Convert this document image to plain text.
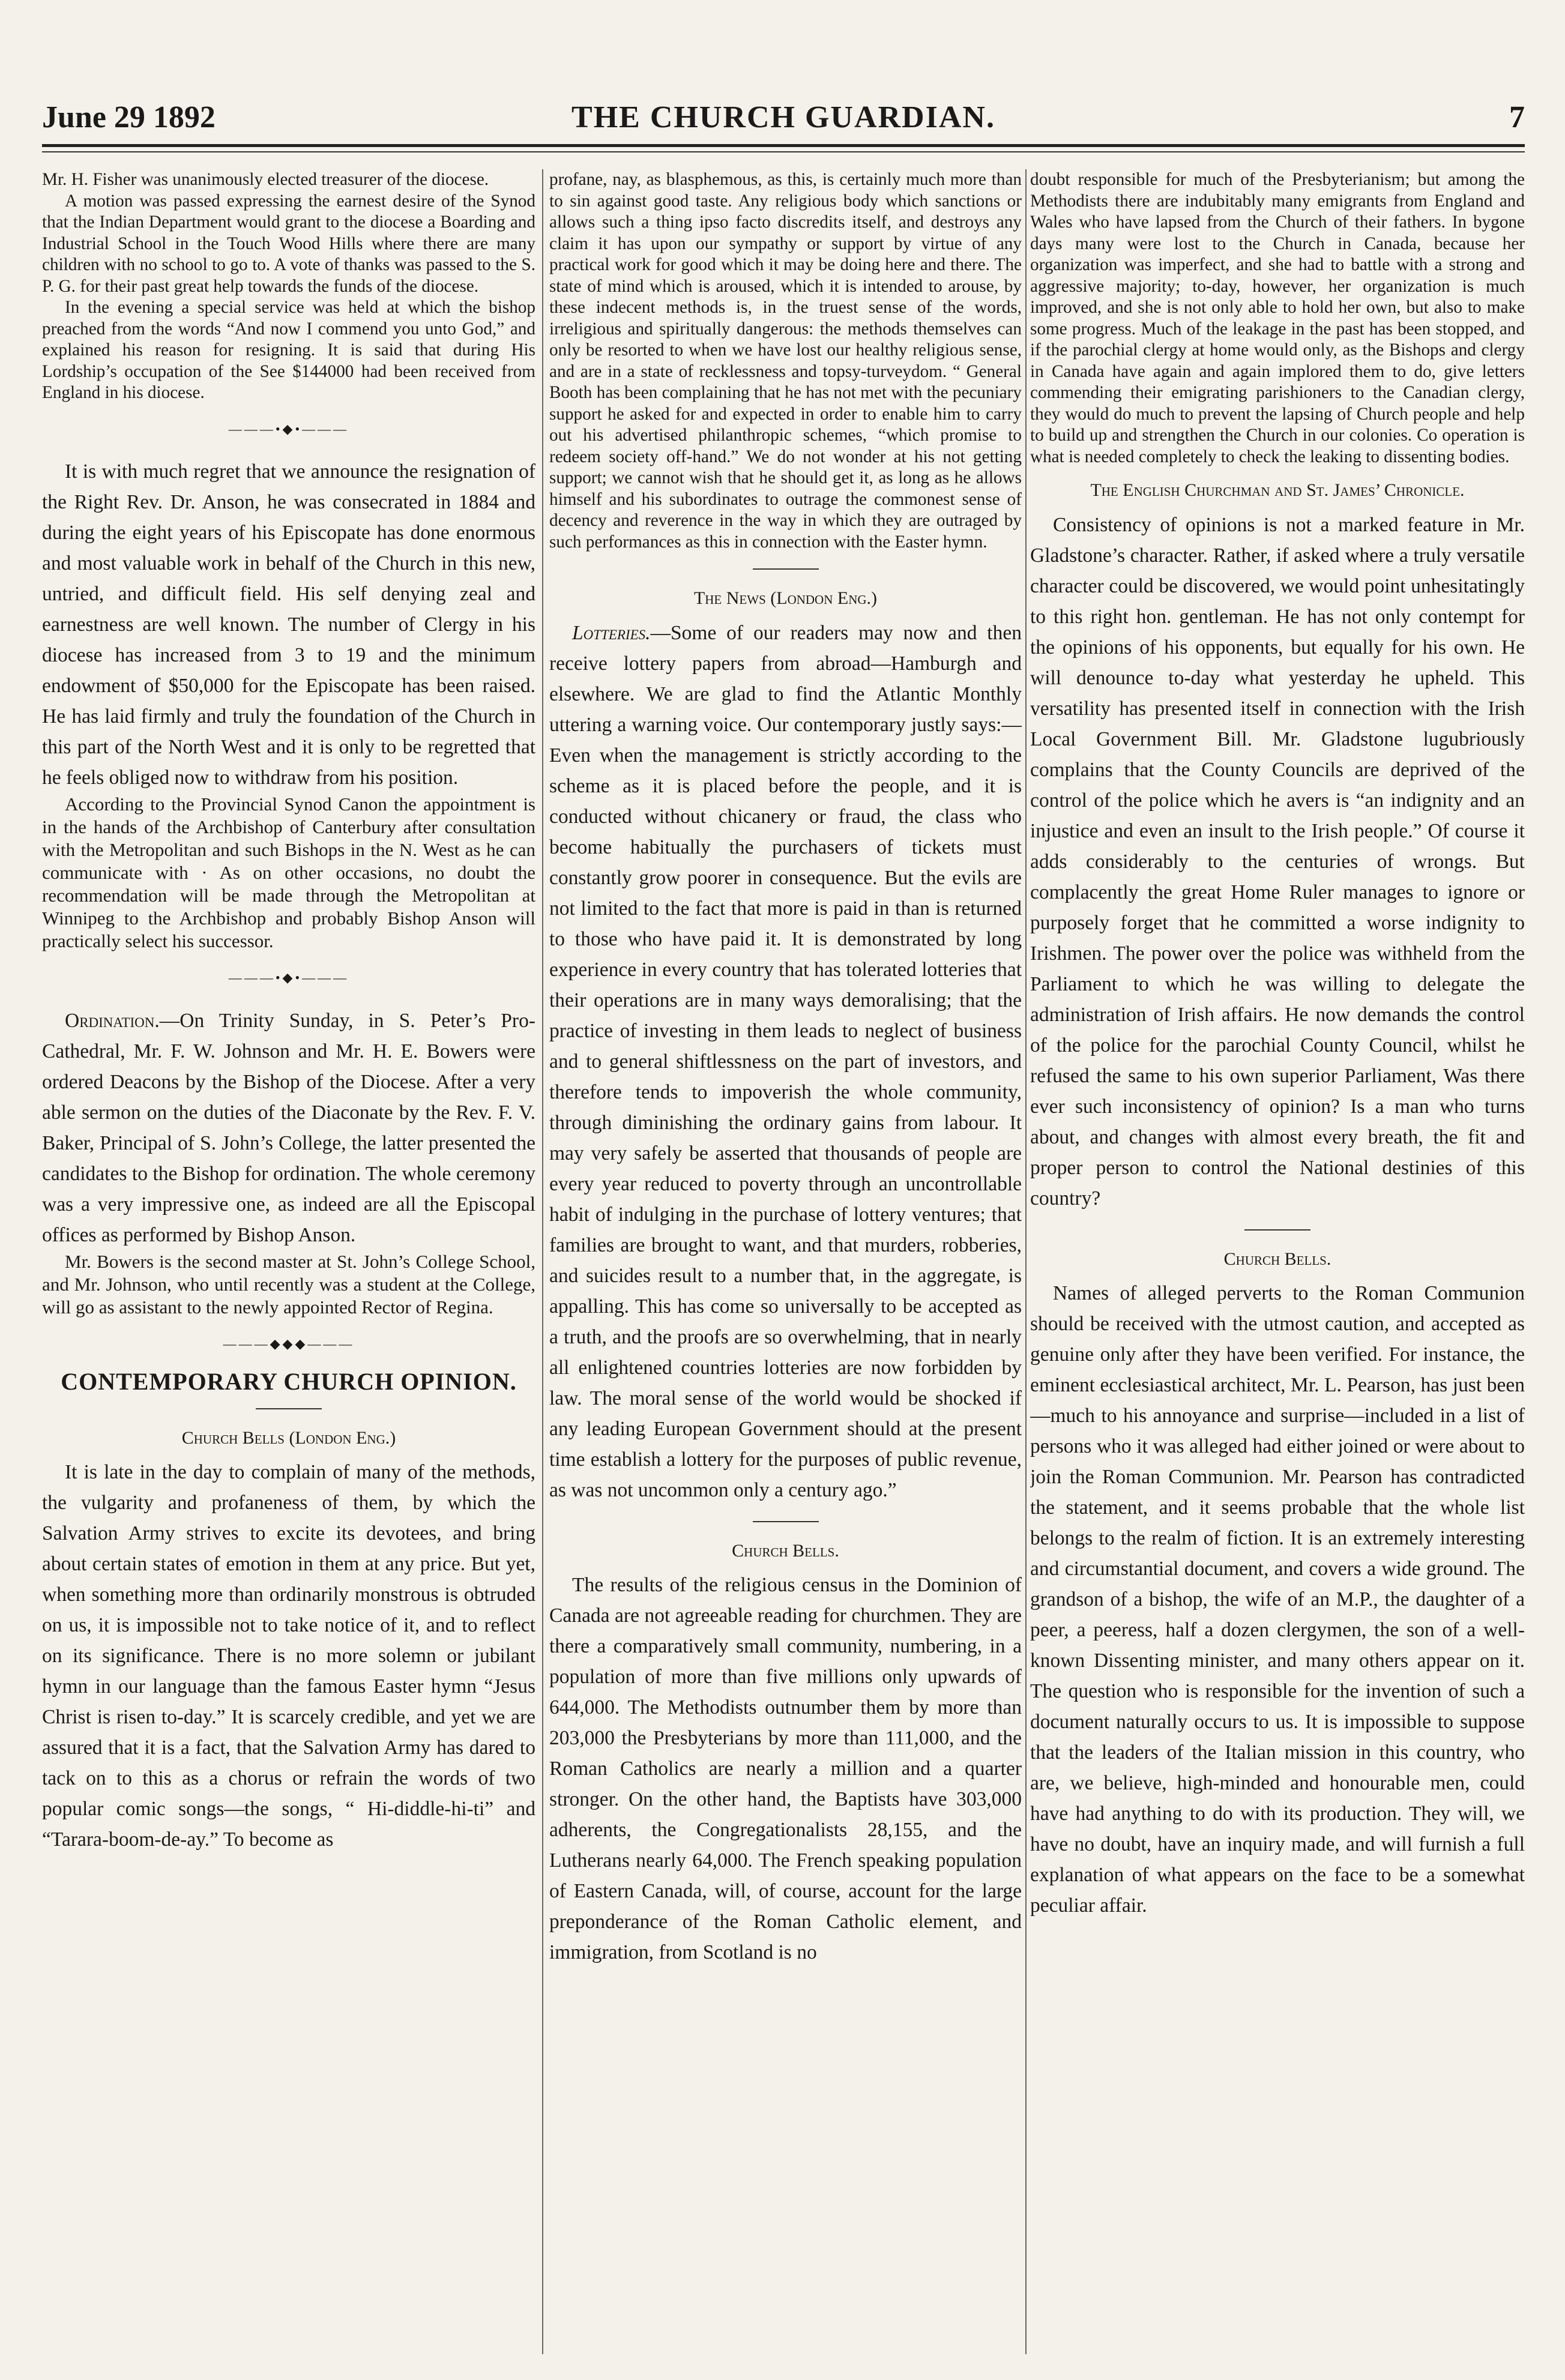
June 29 1892	THE CHURCH GUARDIAN.	7

Mr. H. Fisher was unanimously elected treasurer of the diocese.

A motion was passed expressing the earnest desire of the Synod that the Indian Department would grant to the diocese a Boarding and Industrial School in the Touch Wood Hills where there are many children with no school to go to. A vote of thanks was passed to the S. P. G. for their past great help towards the funds of the diocese.

In the evening a special service was held at which the bishop preached from the words “And now I commend you unto God,” and explained his reason for resigning. It is said that during His Lordship’s occupation of the See $144000 had been received from England in his diocese.

———•◆•———

It is with much regret that we announce the resignation of the Right Rev. Dr. Anson, he was consecrated in 1884 and during the eight years of his Episcopate has done enormous and most valuable work in behalf of the Church in this new, untried, and difficult field. His self denying zeal and earnestness are well known. The number of Clergy in his diocese has increased from 3 to 19 and the minimum endowment of $50,000 for the Episcopate has been raised. He has laid firmly and truly the foundation of the Church in this part of the North West and it is only to be regretted that he feels obliged now to withdraw from his position.

According to the Provincial Synod Canon the appointment is in the hands of the Archbishop of Canterbury after consultation with the Metropolitan and such Bishops in the N. West as he can communicate with · As on other occasions, no doubt the recommendation will be made through the Metropolitan at Winnipeg to the Archbishop and probably Bishop Anson will practically select his successor.

———•◆•———

Ordination.—On Trinity Sunday, in S. Peter’s Pro-Cathedral, Mr. F. W. Johnson and Mr. H. E. Bowers were ordered Deacons by the Bishop of the Diocese. After a very able sermon on the duties of the Diaconate by the Rev. F. V. Baker, Principal of S. John’s College, the latter presented the candidates to the Bishop for ordination. The whole ceremony was a very impressive one, as indeed are all the Episcopal offices as performed by Bishop Anson.

Mr. Bowers is the second master at St. John’s College School, and Mr. Johnson, who until recently was a student at the College, will go as assistant to the newly appointed Rector of Regina.

———◆◆◆———
CONTEMPORARY CHURCH OPINION.
Church Bells (London Eng.)

It is late in the day to complain of many of the methods, the vulgarity and profaneness of them, by which the Salvation Army strives to excite its devotees, and bring about certain states of emotion in them at any price. But yet, when something more than ordinarily monstrous is obtruded on us, it is impossible not to take notice of it, and to reflect on its significance. There is no more solemn or jubilant hymn in our language than the famous Easter hymn “Jesus Christ is risen to-day.” It is scarcely credible, and yet we are assured that it is a fact, that the Salvation Army has dared to tack on to this as a chorus or refrain the words of two popular comic songs—the songs, “ Hi-diddle-hi-ti” and “Tarara-boom-de-ay.” To become as

profane, nay, as blasphemous, as this, is certainly much more than to sin against good taste. Any religious body which sanctions or allows such a thing ipso facto discredits itself, and destroys any claim it has upon our sympathy or support by virtue of any practical work for good which it may be doing here and there. The state of mind which is aroused, which it is intended to arouse, by these indecent methods is, in the truest sense of the words, irreligious and spiritually dangerous: the methods themselves can only be resorted to when we have lost our healthy religious sense, and are in a state of recklessness and topsy-turveydom. “ General Booth has been complaining that he has not met with the pecuniary support he asked for and expected in order to enable him to carry out his advertised philanthropic schemes, “which promise to redeem society off-hand.” We do not wonder at his not getting support; we cannot wish that he should get it, as long as he allows himself and his subordinates to outrage the commonest sense of decency and reverence in the way in which they are outraged by such performances as this in connection with the Easter hymn.

The News (London Eng.)

Lotteries.—Some of our readers may now and then receive lottery papers from abroad—Hamburgh and elsewhere. We are glad to find the Atlantic Monthly uttering a warning voice. Our contemporary justly says:—Even when the management is strictly according to the scheme as it is placed before the people, and it is conducted without chicanery or fraud, the class who become habitually the purchasers of tickets must constantly grow poorer in consequence. But the evils are not limited to the fact that more is paid in than is returned to those who have paid it. It is demonstrated by long experience in every country that has tolerated lotteries that their operations are in many ways demoralising; that the practice of investing in them leads to neglect of business and to general shiftlessness on the part of investors, and therefore tends to impoverish the whole community, through diminishing the ordinary gains from labour. It may very safely be asserted that thousands of people are every year reduced to poverty through an uncontrollable habit of indulging in the purchase of lottery ventures; that families are brought to want, and that murders, robberies, and suicides result to a number that, in the aggregate, is appalling. This has come so universally to be accepted as a truth, and the proofs are so overwhelming, that in nearly all enlightened countries lotteries are now forbidden by law. The moral sense of the world would be shocked if any leading European Government should at the present time establish a lottery for the purposes of public revenue, as was not uncommon only a century ago.”

Church Bells.

The results of the religious census in the Dominion of Canada are not agreeable reading for churchmen. They are there a comparatively small community, numbering, in a population of more than five millions only upwards of 644,000. The Methodists outnumber them by more than 203,000 the Presbyterians by more than 111,000, and the Roman Catholics are nearly a million and a quarter stronger. On the other hand, the Baptists have 303,000 adherents, the Congregationalists 28,155, and the Lutherans nearly 64,000. The French speaking population of Eastern Canada, will, of course, account for the large preponderance of the Roman Catholic element, and immigration, from Scotland is no

doubt responsible for much of the Presbyterianism; but among the Methodists there are indubitably many emigrants from England and Wales who have lapsed from the Church of their fathers. In bygone days many were lost to the Church in Canada, because her organization was imperfect, and she had to battle with a strong and aggressive majority; to-day, however, her organization is much improved, and she is not only able to hold her own, but also to make some progress. Much of the leakage in the past has been stopped, and if the parochial clergy at home would only, as the Bishops and clergy in Canada have again and again implored them to do, give letters commending their emigrating parishioners to the Canadian clergy, they would do much to prevent the lapsing of Church people and help to build up and strengthen the Church in our colonies. Co operation is what is needed completely to check the leaking to dissenting bodies.

The English Churchman and St. James’ Chronicle.

Consistency of opinions is not a marked feature in Mr. Gladstone’s character. Rather, if asked where a truly versatile character could be discovered, we would point unhesitatingly to this right hon. gentleman. He has not only contempt for the opinions of his opponents, but equally for his own. He will denounce to-day what yesterday he upheld. This versatility has presented itself in connection with the Irish Local Government Bill. Mr. Gladstone lugubriously complains that the County Councils are deprived of the control of the police which he avers is “an indignity and an injustice and even an insult to the Irish people.” Of course it adds considerably to the centuries of wrongs. But complacently the great Home Ruler manages to ignore or purposely forget that he committed a worse indignity to Irishmen. The power over the police was withheld from the Parliament to which he was willing to delegate the administration of Irish affairs. He now demands the control of the police for the parochial County Council, whilst he refused the same to his own superior Parliament, Was there ever such inconsistency of opinion? Is a man who turns about, and changes with almost every breath, the fit and proper person to control the National destinies of this country?

Church Bells.

Names of alleged perverts to the Roman Communion should be received with the utmost caution, and accepted as genuine only after they have been verified. For instance, the eminent ecclesiastical architect, Mr. L. Pearson, has just been—much to his annoyance and surprise—included in a list of persons who it was alleged had either joined or were about to join the Roman Communion. Mr. Pearson has contradicted the statement, and it seems probable that the whole list belongs to the realm of fiction. It is an extremely interesting and circumstantial document, and covers a wide ground. The grandson of a bishop, the wife of an M.P., the daughter of a peer, a peeress, half a dozen clergymen, the son of a well-known Dissenting minister, and many others appear on it. The question who is responsible for the invention of such a document naturally occurs to us. It is impossible to suppose that the leaders of the Italian mission in this country, who are, we believe, high-minded and honourable men, could have had anything to do with its production. They will, we have no doubt, have an inquiry made, and will furnish a full explanation of what appears on the face to be a somewhat peculiar affair.
